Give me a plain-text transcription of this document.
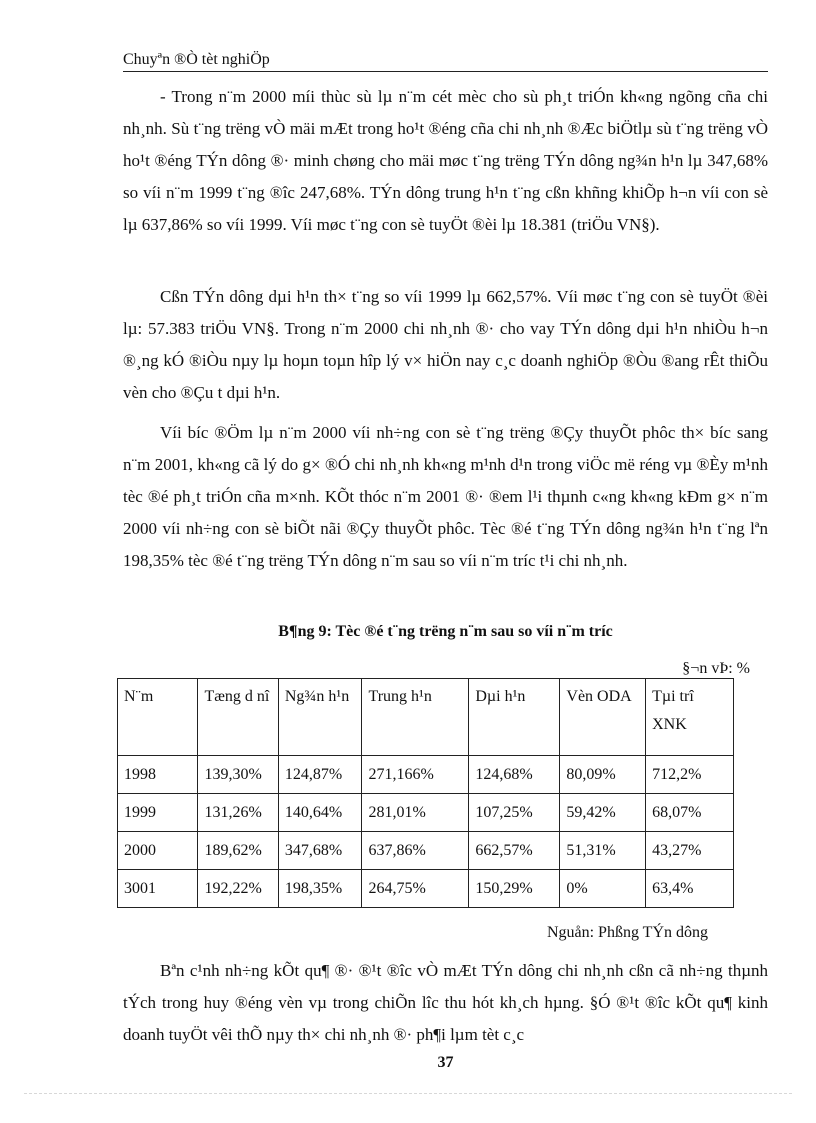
Chuyªn ®Ò tèt nghiÖp

- Trong n¨m 2000 míi thùc sù lµ n¨m cét mèc cho sù ph¸t triÓn kh«ng ngõng cña chi nh¸nh. Sù t¨ng trëng vÒ mäi mÆt trong ho¹t ®éng cña chi nh¸nh ®Æc biÖtlµ sù t¨ng trëng vÒ ho¹t ®éng TÝn dông ®· minh chøng cho mäi møc t¨ng trëng TÝn dông ng¾n h¹n lµ 347,68% so víi n¨m 1999 t¨ng ®îc 247,68%. TÝn dông trung h¹n t¨ng cßn khñng khiÕp h¬n víi con sè lµ 637,86% so víi 1999. Víi møc t¨ng con sè tuyÖt ®èi lµ 18.381 (triÖu VN§).

Cßn TÝn dông dµi h¹n th× t¨ng so víi 1999 lµ 662,57%. Víi møc t¨ng con sè tuyÖt ®èi lµ: 57.383 triÖu VN§. Trong n¨m 2000 chi nh¸nh ®· cho vay TÝn dông dµi h¹n nhiÒu h¬n ®¸ng kÓ ®iÒu nµy lµ hoµn toµn hîp lý v× hiÖn nay c¸c doanh nghiÖp ®Òu ®ang rÊt thiÕu vèn cho ®Çu t dµi h¹n.

Víi bíc ®Öm lµ n¨m 2000 víi nh÷ng con sè t¨ng trëng ®Çy thuyÕt phôc th× bíc sang n¨m 2001, kh«ng cã lý do g× ®Ó chi nh¸nh kh«ng m¹nh d¹n trong viÖc më réng vµ ®Èy m¹nh tèc ®é ph¸t triÓn cña m×nh. KÕt thóc n¨m 2001 ®· ®em l¹i thµnh c«ng kh«ng kÐm g× n¨m 2000 víi nh÷ng con sè biÕt nãi ®Çy thuyÕt phôc. Tèc ®é t¨ng TÝn dông ng¾n h¹n t¨ng lªn 198,35% tèc ®é t¨ng trëng TÝn dông n¨m sau so víi n¨m tríc t¹i chi nh¸nh.

B¶ng 9: Tèc ®é t¨ng trëng n¨m sau so víi n¨m tríc
§¬n vÞ: %
N¨m	Tæng d nî	Ng¾n h¹n	Trung h¹n	Dµi h¹n	Vèn ODA	Tµi trî XNK
1998	139,30%	124,87%	271,166%	124,68%	80,09%	712,2%
1999	131,26%	140,64%	281,01%	107,25%	59,42%	68,07%
2000	189,62%	347,68%	637,86%	662,57%	51,31%	43,27%
3001	192,22%	198,35%	264,75%	150,29%	0%	63,4%
Nguån: Phßng TÝn dông

Bªn c¹nh nh÷ng kÕt qu¶ ®· ®¹t ®îc vÒ mÆt TÝn dông chi nh¸nh cßn cã nh÷ng thµnh tÝch trong huy ®éng vèn vµ trong chiÕn lîc thu hót kh¸ch hµng. §Ó ®¹t ®îc kÕt qu¶ kinh doanh tuyÖt vêi thÕ nµy th× chi nh¸nh ®· ph¶i lµm tèt c¸c

37
